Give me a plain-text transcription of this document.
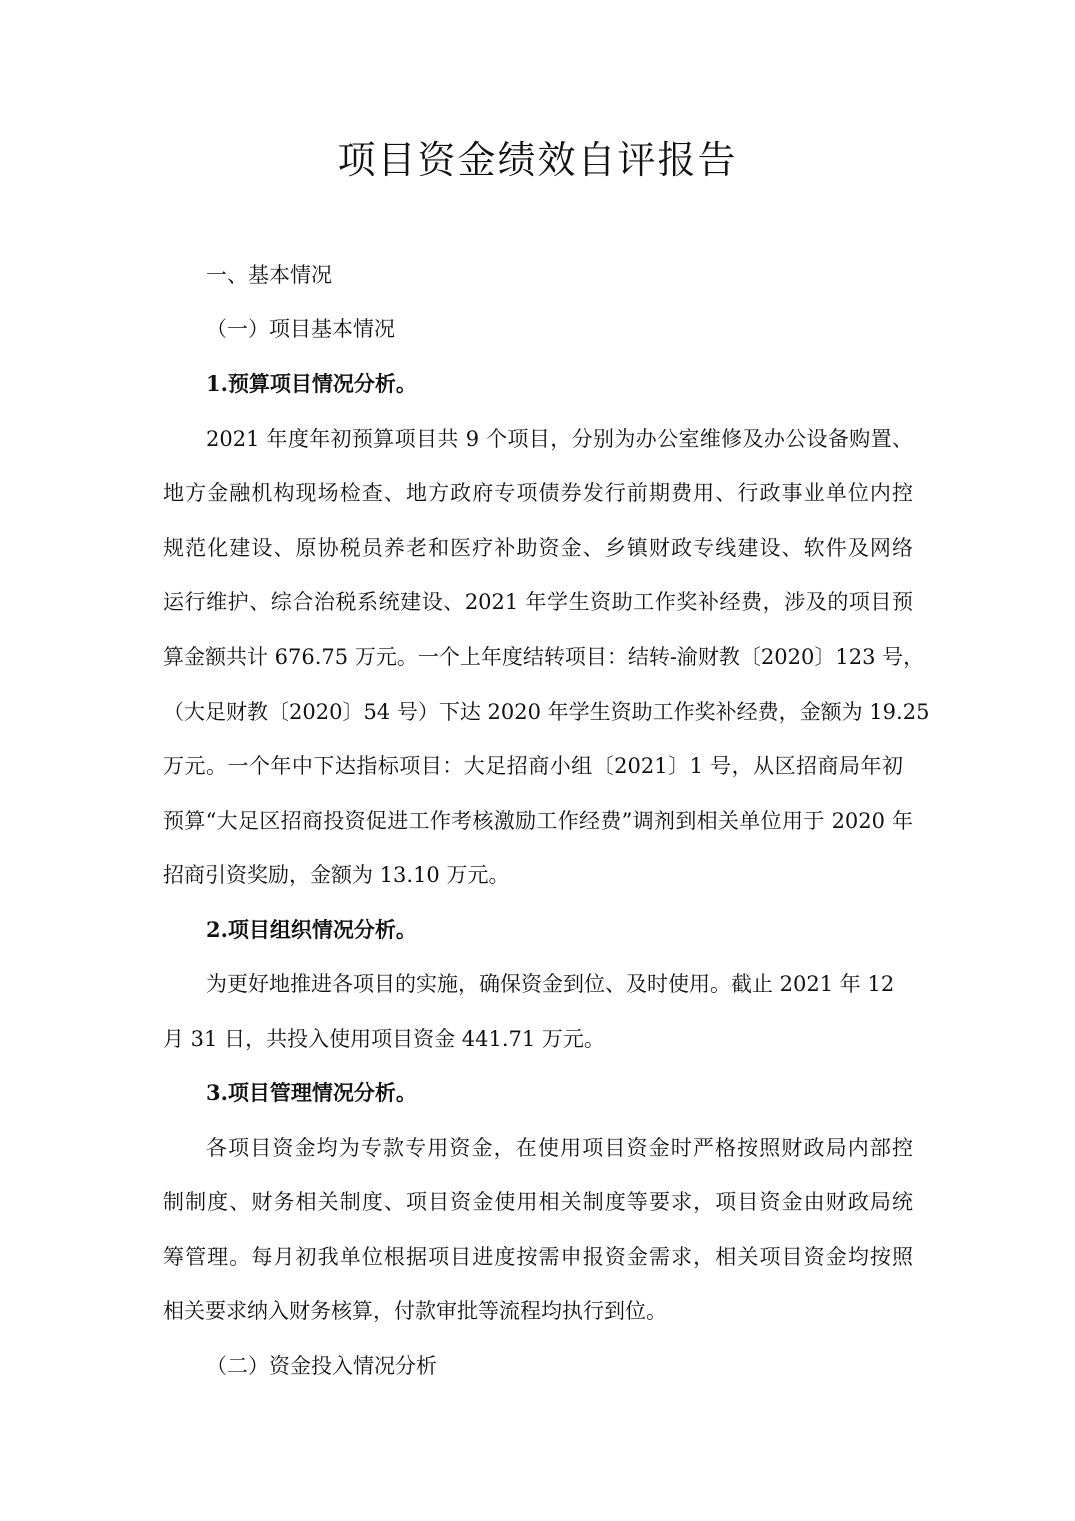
项目资金绩效自评报告

一、基本情况

（一）项目基本情况

1.预算项目情况分析。

2021 年度年初预算项目共 9 个项目，分别为办公室维修及办公设备购置、

地方金融机构现场检查、地方政府专项债券发行前期费用、行政事业单位内控

规范化建设、原协税员养老和医疗补助资金、乡镇财政专线建设、软件及网络

运行维护、综合治税系统建设、2021 年学生资助工作奖补经费，涉及的项目预

算金额共计 676.75 万元。一个上年度结转项目：结转-渝财教〔2020〕123 号，

（大足财教〔2020〕54 号）下达 2020 年学生资助工作奖补经费，金额为 19.25

万元。一个年中下达指标项目：大足招商小组〔2021〕1 号，从区招商局年初

预算“大足区招商投资促进工作考核激励工作经费”调剂到相关单位用于 2020 年

招商引资奖励，金额为 13.10 万元。

2.项目组织情况分析。

为更好地推进各项目的实施，确保资金到位、及时使用。截止 2021 年 12

月 31 日，共投入使用项目资金 441.71 万元。

3.项目管理情况分析。

各项目资金均为专款专用资金，在使用项目资金时严格按照财政局内部控

制制度、财务相关制度、项目资金使用相关制度等要求，项目资金由财政局统

筹管理。每月初我单位根据项目进度按需申报资金需求，相关项目资金均按照

相关要求纳入财务核算，付款审批等流程均执行到位。

（二）资金投入情况分析
